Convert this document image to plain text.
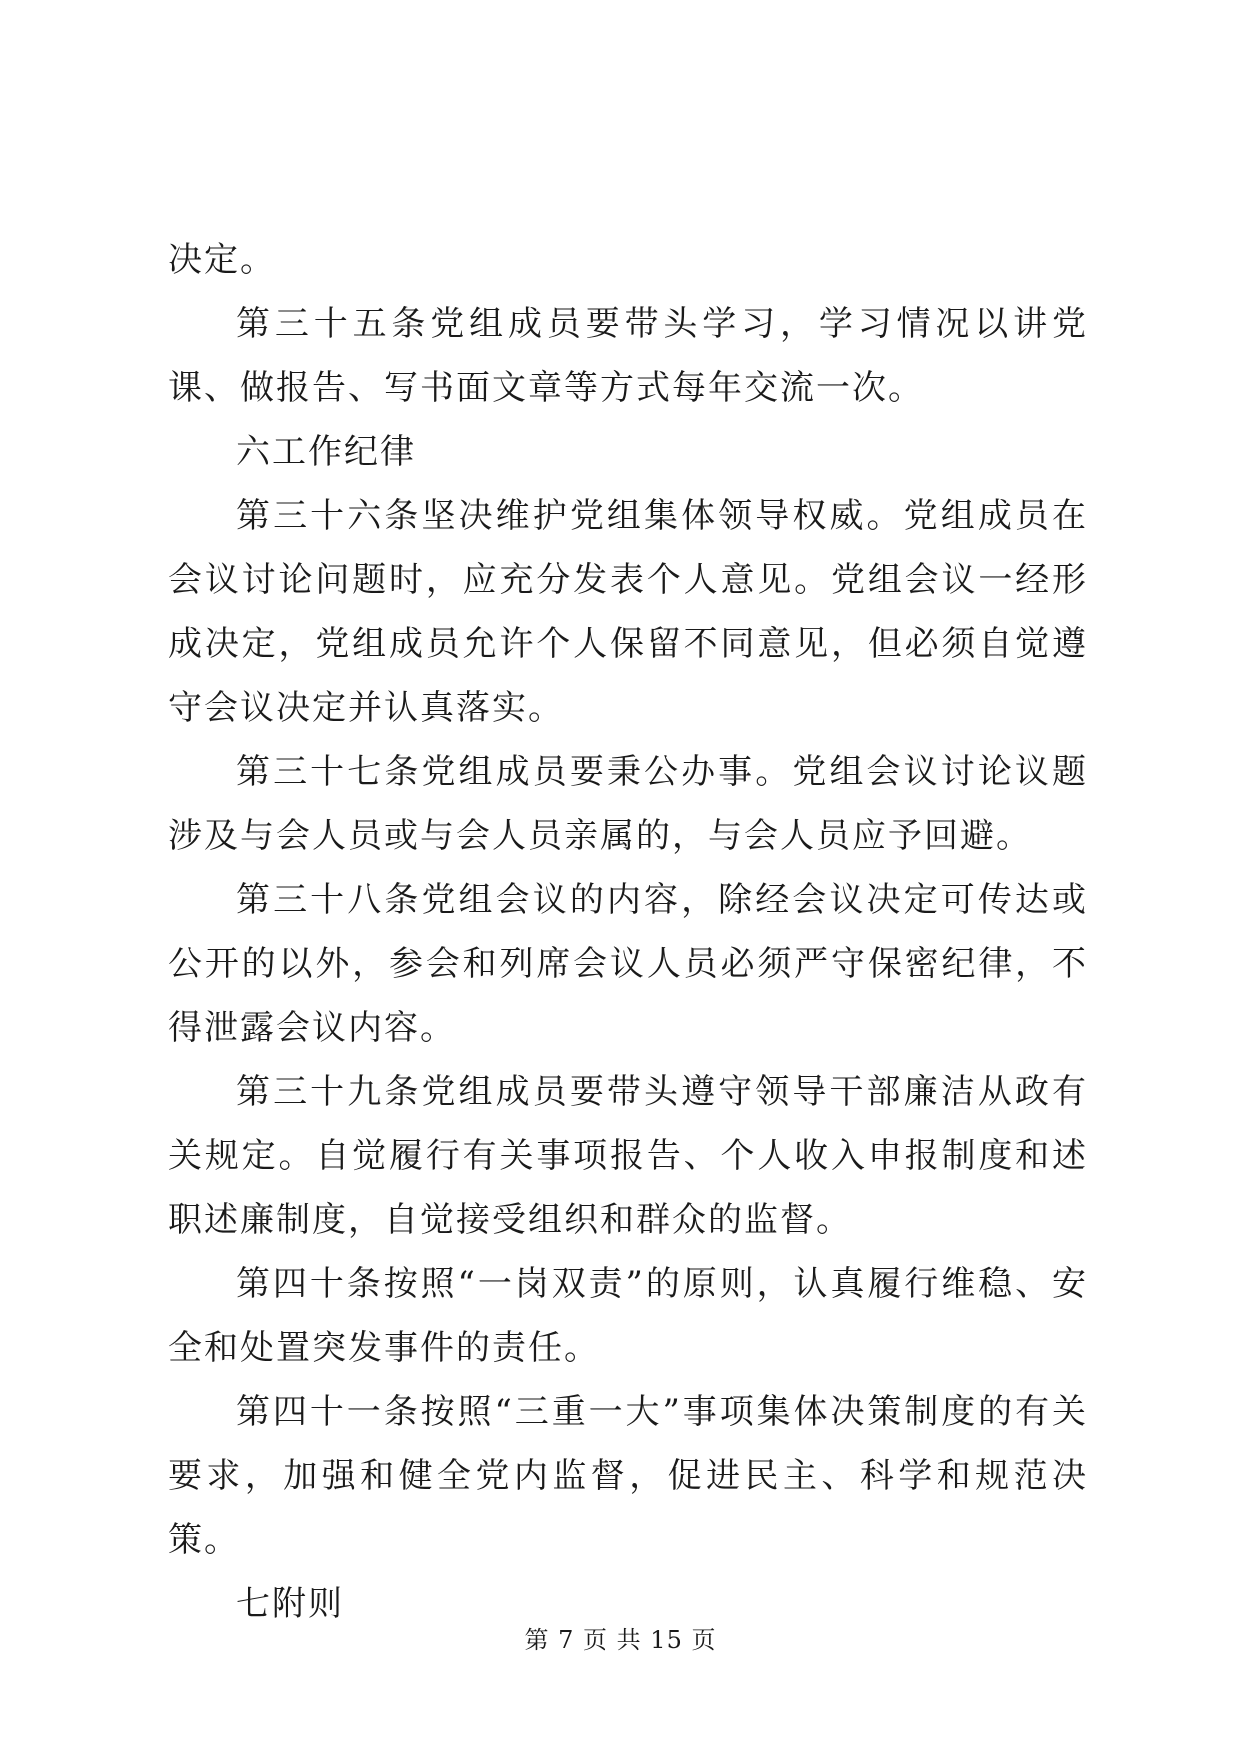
决定。

第三十五条党组成员要带头学习，学习情况以讲党课、做报告、写书面文章等方式每年交流一次。

六工作纪律

第三十六条坚决维护党组集体领导权威。党组成员在会议讨论问题时，应充分发表个人意见。党组会议一经形成决定，党组成员允许个人保留不同意见，但必须自觉遵守会议决定并认真落实。

第三十七条党组成员要秉公办事。党组会议讨论议题涉及与会人员或与会人员亲属的，与会人员应予回避。

第三十八条党组会议的内容，除经会议决定可传达或公开的以外，参会和列席会议人员必须严守保密纪律，不得泄露会议内容。

第三十九条党组成员要带头遵守领导干部廉洁从政有关规定。自觉履行有关事项报告、个人收入申报制度和述职述廉制度，自觉接受组织和群众的监督。

第四十条按照“一岗双责”的原则，认真履行维稳、安全和处置突发事件的责任。

第四十一条按照“三重一大”事项集体决策制度的有关要求，加强和健全党内监督，促进民主、科学和规范决策。

七附则

第 7 页 共 15 页
